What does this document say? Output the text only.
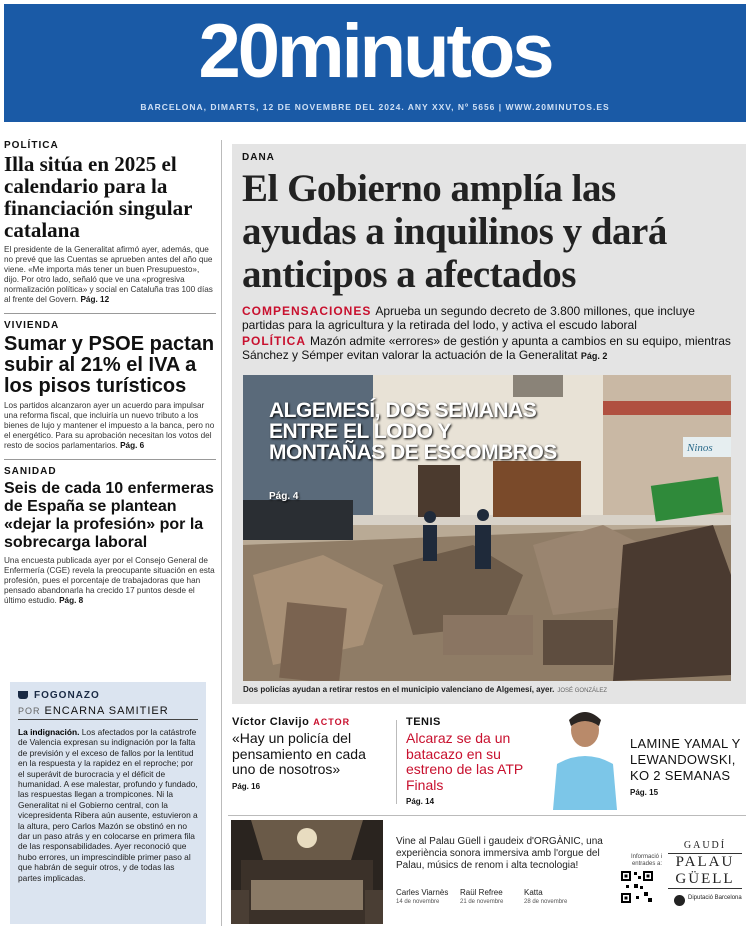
20minutos
BARCELONA, DIMARTS, 12 DE NOVEMBRE DEL 2024. ANY XXV, Nº 5656 | WWW.20MINUTOS.ES
POLÍTICA
Illa sitúa en 2025 el calendario para la financiación singular catalana

El presidente de la Generalitat afirmó ayer, además, que no prevé que las Cuentas se aprueben antes del año que viene. «Me importa más tener un buen Presupuesto», dijo. Por otro lado, señaló que ve una «progresiva normalización política» y social en Cataluña tras 100 días al frente del Govern. Pág. 12

VIVIENDA
Sumar y PSOE pactan subir al 21% el IVA a los pisos turísticos

Los partidos alcanzaron ayer un acuerdo para impulsar una reforma fiscal, que incluiría un nuevo tributo a los bienes de lujo y mantener el impuesto a la banca, pero no el energético. Para su aprobación necesitan los votos del resto de socios parlamentarios. Pág. 6

SANIDAD
Seis de cada 10 enfermeras de España se plantean «dejar la profesión» por la sobrecarga laboral

Una encuesta publicada ayer por el Consejo General de Enfermería (CGE) revela la preocupante situación en esta profesión, pues el porcentaje de trabajadoras que han pensado abandonarla ha crecido 17 puntos desde el último estudio. Pág. 8

FOGONAZO
POR ENCARNA SAMITIER

La indignación. Los afectados por la catástrofe de Valencia expresan su indignación por la falta de previsión y el exceso de fallos por la lentitud en la respuesta y la rapidez en el reproche; por el superávit de burocracia y el déficit de humanidad. A ese malestar, profundo y fundado, las respuestas llegan a trompicones. Ni la Generalitat ni el Gobierno central, con la vicepresidenta Ribera aún ausente, estuvieron a la altura, pero Carlos Mazón se obstinó en no dar un paso atrás y en colocarse en primera fila de las responsabilidades. Ayer reconoció que hubo errores, un imprescindible primer paso al que habrán de seguir otros, y de todas las partes implicadas.

DANA
El Gobierno amplía las ayudas a inquilinos y dará anticipos a afectados

COMPENSACIONES Aprueba un segundo decreto de 3.800 millones, que incluye partidas para la agricultura y la retirada del lodo, y activa el escudo laboral

POLÍTICA Mazón admite «errores» de gestión y apunta a cambios en su equipo, mientras Sánchez y Sémper evitan valorar la actuación de la Generalitat Pág. 2

Ninos
ALGEMESÍ, DOS SEMANAS ENTRE EL LODO Y MONTAÑAS DE ESCOMBROS
Pág. 4

Dos policías ayudan a retirar restos en el municipio valenciano de Algemesí, ayer. JOSÉ GONZÁLEZ

Víctor Clavijo ACTOR
«Hay un policía del pensamiento en cada uno de nosotros»
Pág. 16
TENIS
Alcaraz se da un batacazo en su estreno de las ATP Finals
Pág. 14
LAMINE YAMAL Y LEWANDOWSKI, KO 2 SEMANAS
Pág. 15

Vine al Palau Güell i gaudeix d'ORGÀNIC, una experiència sonora immersiva amb l'orgue del Palau, músics de renom i alta tecnologia!

Carles Viarnès
14 de novembre
Raül Refree
21 de novembre
Katta
28 de novembre
Informació i entrades a:
GAUDÍ
PALAU GÜELL
Diputació Barcelona
